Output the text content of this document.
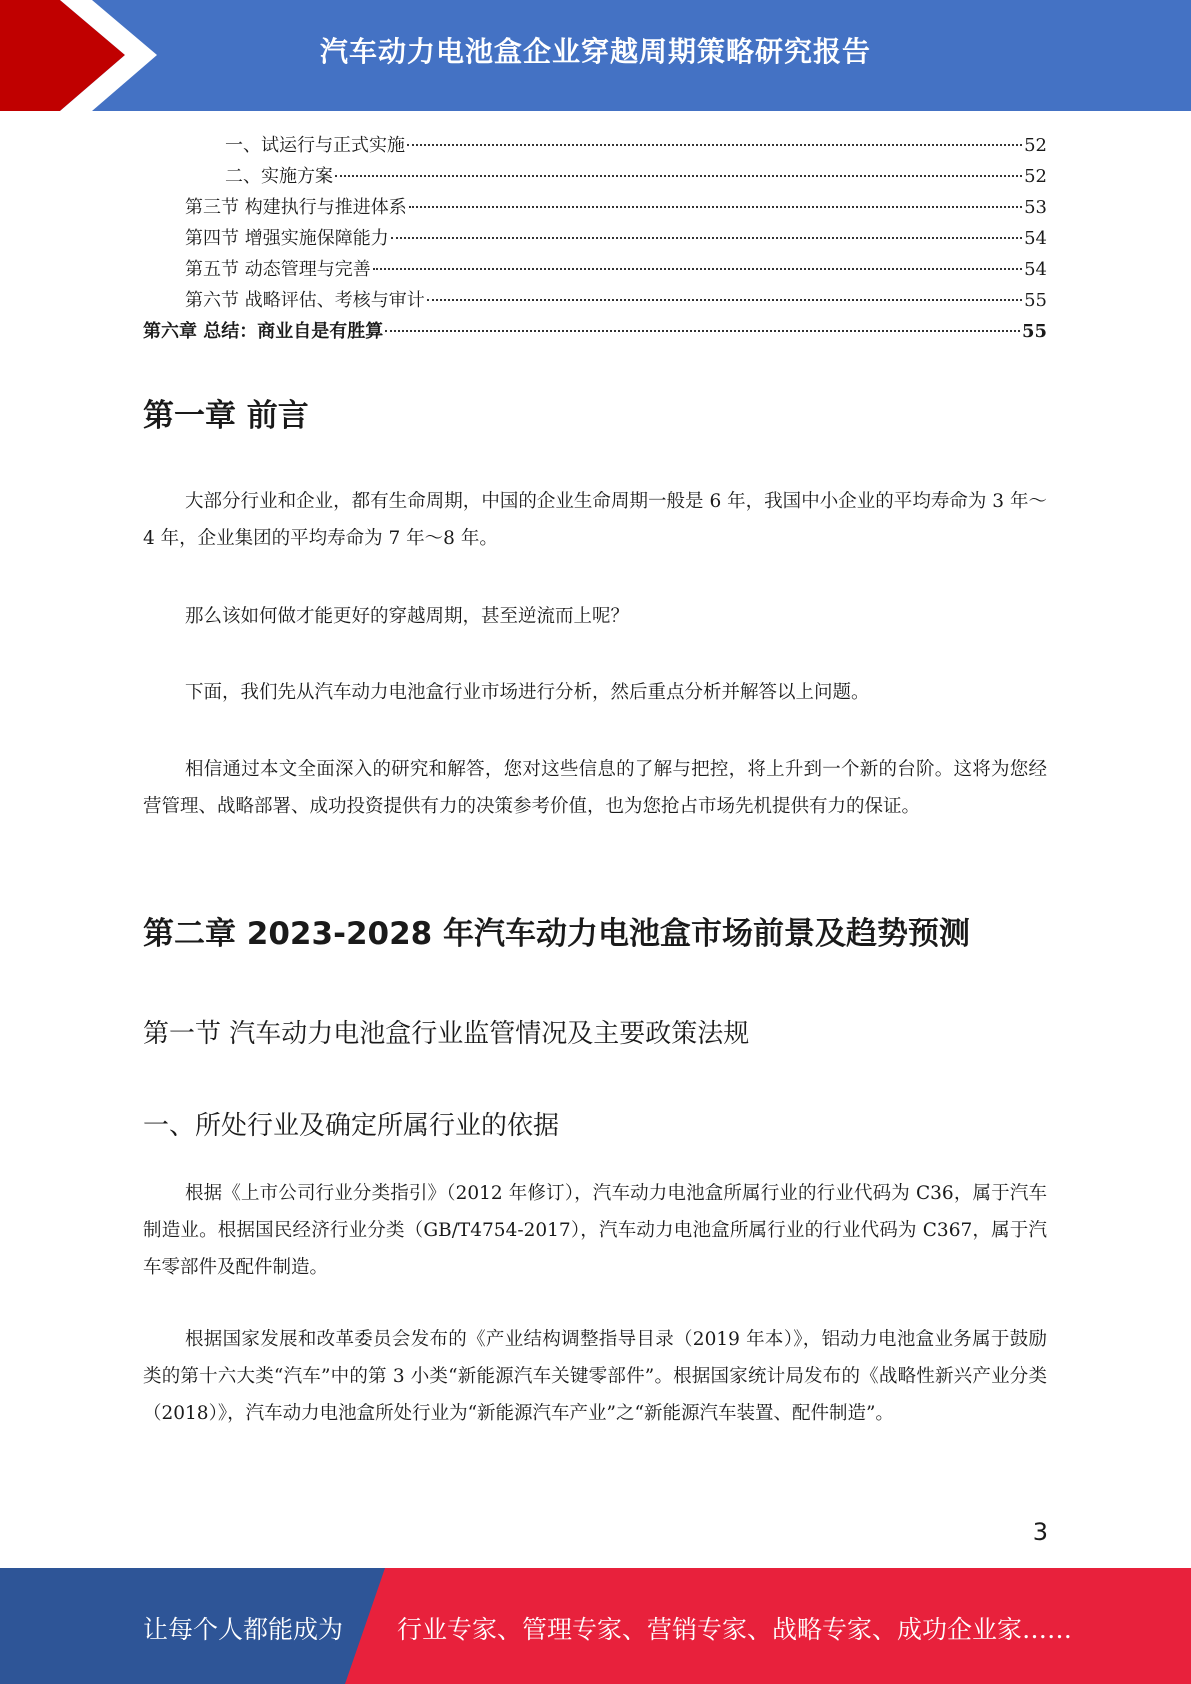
汽车动力电池盒企业穿越周期策略研究报告
一、试运行与正式实施	52
二、实施方案	52
第三节 构建执行与推进体系	53
第四节 增强实施保障能力	54
第五节 动态管理与完善	54
第六节 战略评估、考核与审计	55
第六章 总结：商业自是有胜算	55
第一章 前言
大部分行业和企业，都有生命周期，中国的企业生命周期一般是 6 年，我国中小企业的平均寿命为 3 年～4 年，企业集团的平均寿命为 7 年～8 年。
那么该如何做才能更好的穿越周期，甚至逆流而上呢？
下面，我们先从汽车动力电池盒行业市场进行分析，然后重点分析并解答以上问题。
相信通过本文全面深入的研究和解答，您对这些信息的了解与把控，将上升到一个新的台阶。这将为您经营管理、战略部署、成功投资提供有力的决策参考价值，也为您抢占市场先机提供有力的保证。
第二章 2023-2028 年汽车动力电池盒市场前景及趋势预测
第一节 汽车动力电池盒行业监管情况及主要政策法规
一、所处行业及确定所属行业的依据
根据《上市公司行业分类指引》（2012 年修订），汽车动力电池盒所属行业的行业代码为 C36，属于汽车制造业。根据国民经济行业分类（GB/T4754-2017），汽车动力电池盒所属行业的行业代码为 C367，属于汽车零部件及配件制造。
根据国家发展和改革委员会发布的《产业结构调整指导目录（2019 年本）》，铝动力电池盒业务属于鼓励类的第十六大类“汽车”中的第 3 小类“新能源汽车关键零部件”。根据国家统计局发布的《战略性新兴产业分类（2018）》，汽车动力电池盒所处行业为“新能源汽车产业”之“新能源汽车装置、配件制造”。
3
让每个人都能成为 行业专家、管理专家、营销专家、战略专家、成功企业家……
